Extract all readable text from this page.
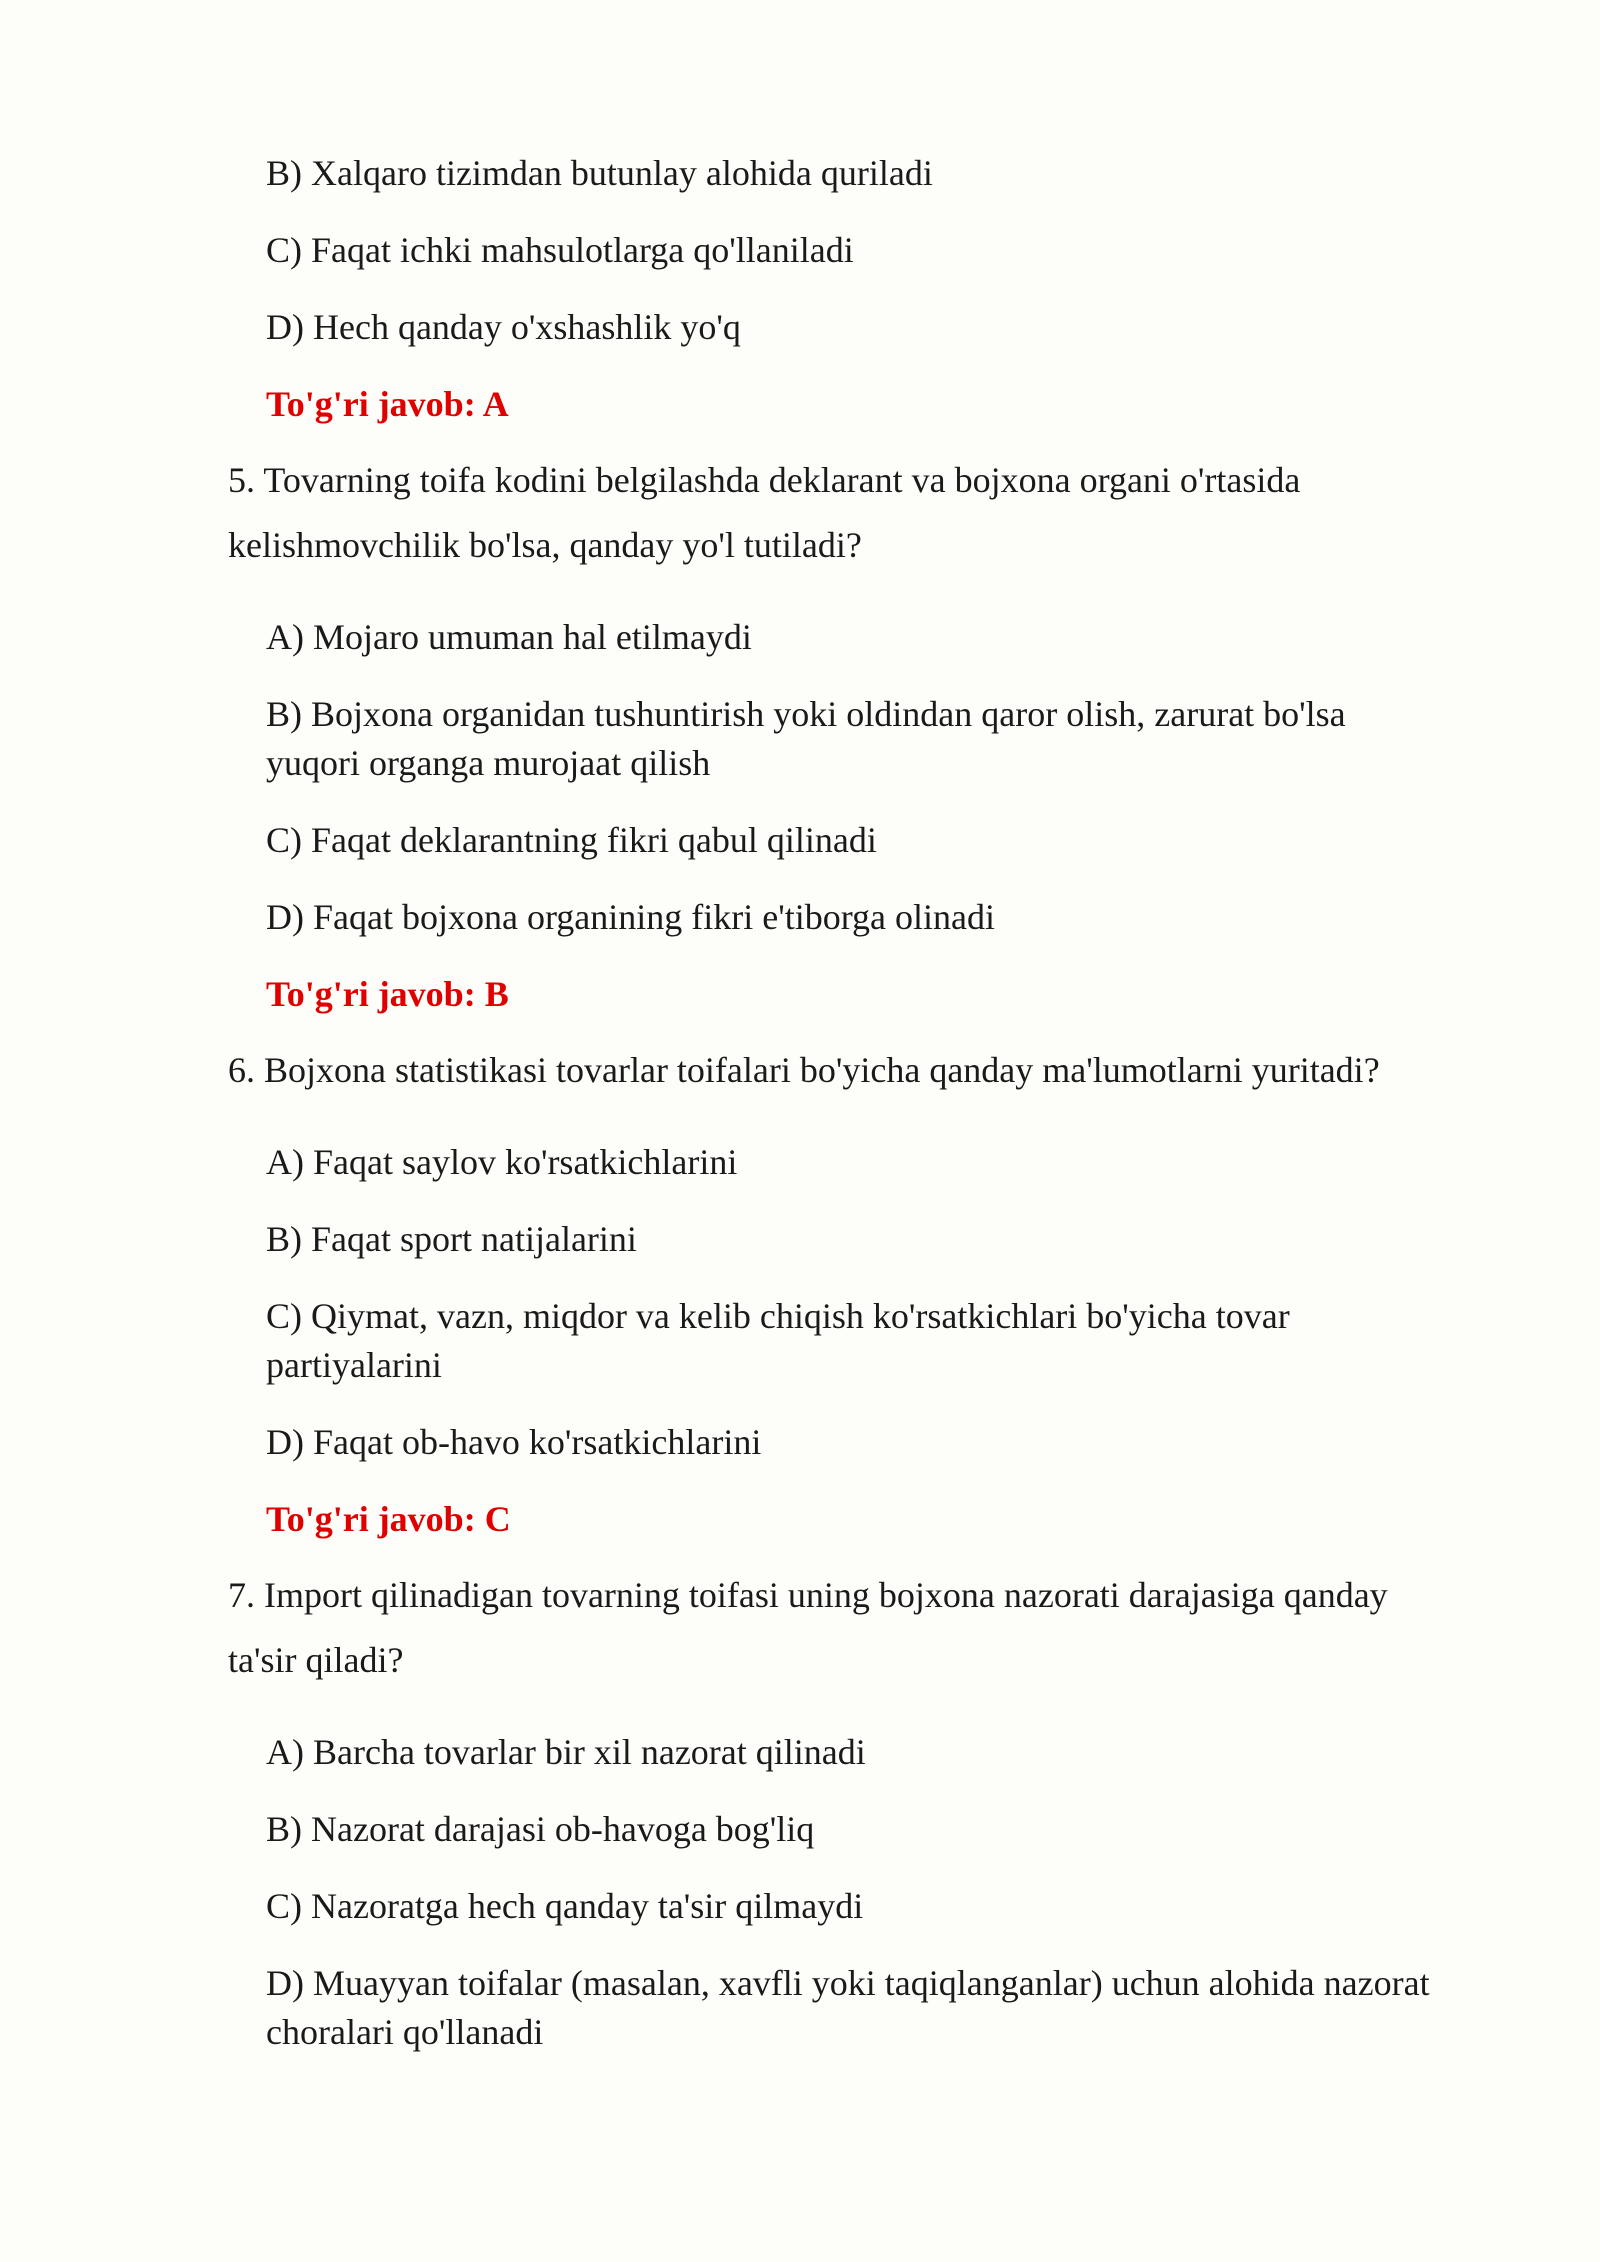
B) Xalqaro tizimdan butunlay alohida quriladi
C) Faqat ichki mahsulotlarga qo'llaniladi
D) Hech qanday o'xshashlik yo'q
To'g'ri javob: A
5. Tovarning toifa kodini belgilashda deklarant va bojxona organi o'rtasida
kelishmovchilik bo'lsa, qanday yo'l tutiladi?
A) Mojaro umuman hal etilmaydi
B) Bojxona organidan tushuntirish yoki oldindan qaror olish, zarurat bo'lsa
yuqori organga murojaat qilish
C) Faqat deklarantning fikri qabul qilinadi
D) Faqat bojxona organining fikri e'tiborga olinadi
To'g'ri javob: B
6. Bojxona statistikasi tovarlar toifalari bo'yicha qanday ma'lumotlarni yuritadi?
A) Faqat saylov ko'rsatkichlarini
B) Faqat sport natijalarini
C) Qiymat, vazn, miqdor va kelib chiqish ko'rsatkichlari bo'yicha tovar
partiyalarini
D) Faqat ob-havo ko'rsatkichlarini
To'g'ri javob: C
7. Import qilinadigan tovarning toifasi uning bojxona nazorati darajasiga qanday
ta'sir qiladi?
A) Barcha tovarlar bir xil nazorat qilinadi
B) Nazorat darajasi ob-havoga bog'liq
C) Nazoratga hech qanday ta'sir qilmaydi
D) Muayyan toifalar (masalan, xavfli yoki taqiqlanganlar) uchun alohida nazorat
choralari qo'llanadi
